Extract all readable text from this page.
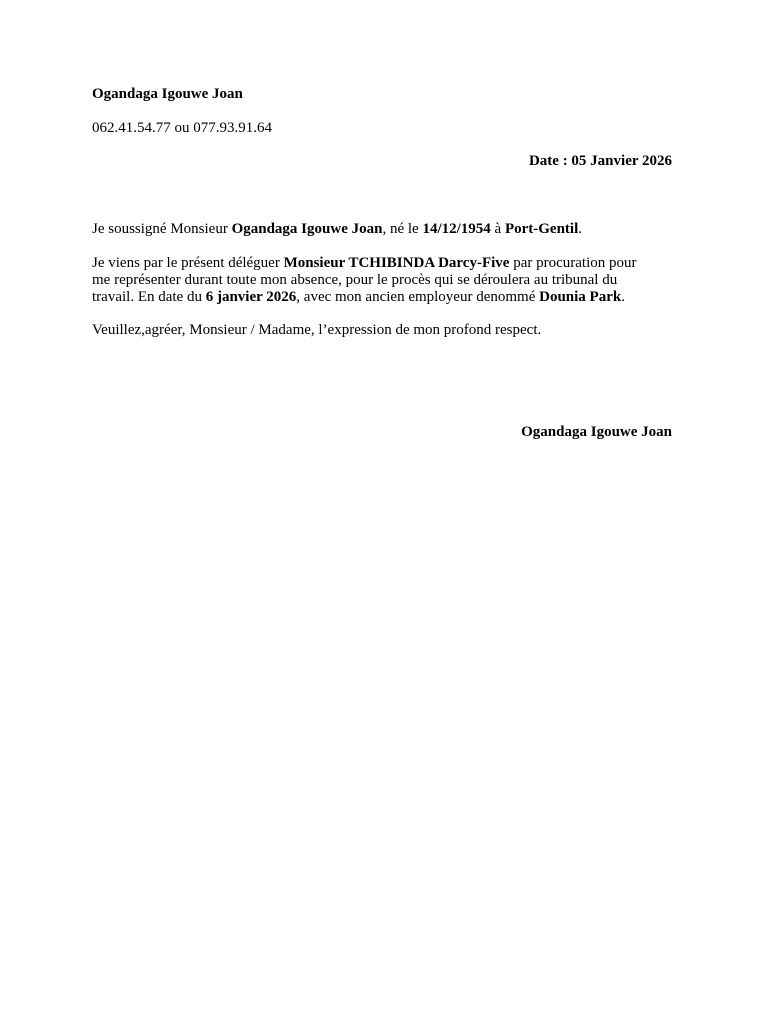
Ogandaga Igouwe Joan
062.41.54.77 ou 077.93.91.64
Date : 05 Janvier 2026
Je soussigné Monsieur Ogandaga Igouwe Joan, né le 14/12/1954 à Port-Gentil.
Je viens par le présent déléguer Monsieur TCHIBINDA Darcy-Five par procuration pour
me représenter durant toute mon absence, pour le procès qui se déroulera au tribunal du
travail. En date du 6 janvier 2026, avec mon ancien employeur denommé Dounia Park.
Veuillez,agréer, Monsieur / Madame, l’expression de mon profond respect.
Ogandaga Igouwe Joan
